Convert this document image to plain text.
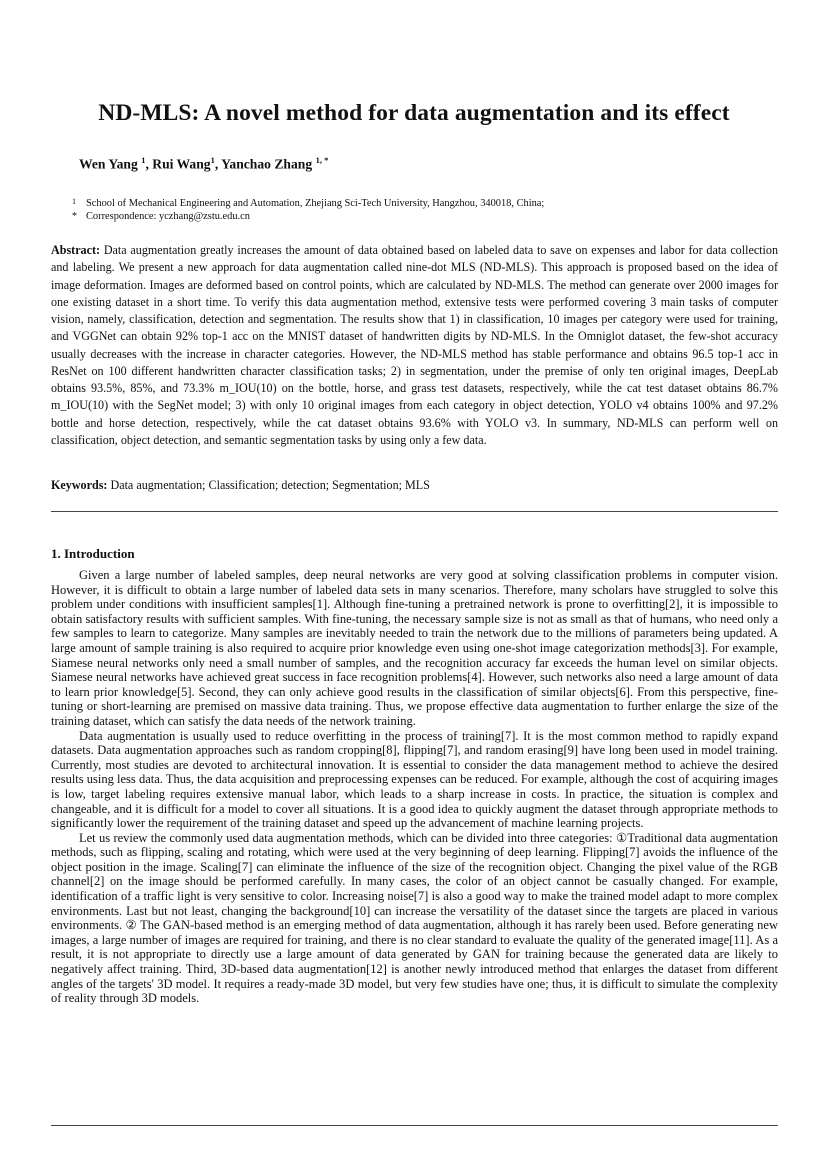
ND-MLS: A novel method for data augmentation and its effect
Wen Yang $^1$, Rui Wang$^1$, Yanchao Zhang $^{1, *}$
1 School of Mechanical Engineering and Automation, Zhejiang Sci-Tech University, Hangzhou, 340018, China;
* Correspondence: yczhang@zstu.edu.cn
Abstract: Data augmentation greatly increases the amount of data obtained based on labeled data to save on expenses and labor for data collection and labeling. We present a new approach for data augmentation called nine-dot MLS (ND-MLS). This approach is proposed based on the idea of image deformation. Images are deformed based on control points, which are calculated by ND-MLS. The method can generate over 2000 images for one existing dataset in a short time. To verify this data augmentation method, extensive tests were performed covering 3 main tasks of computer vision, namely, classification, detection and segmentation. The results show that 1) in classification, 10 images per category were used for training, and VGGNet can obtain 92% top-1 acc on the MNIST dataset of handwritten digits by ND-MLS. In the Omniglot dataset, the few-shot accuracy usually decreases with the increase in character categories. However, the ND-MLS method has stable performance and obtains 96.5 top-1 acc in ResNet on 100 different handwritten character classification tasks; 2) in segmentation, under the premise of only ten original images, DeepLab obtains 93.5%, 85%, and 73.3% m_IOU(10) on the bottle, horse, and grass test datasets, respectively, while the cat test dataset obtains 86.7% m_IOU(10) with the SegNet model; 3) with only 10 original images from each category in object detection, YOLO v4 obtains 100% and 97.2% bottle and horse detection, respectively, while the cat dataset obtains 93.6% with YOLO v3. In summary, ND-MLS can perform well on classification, object detection, and semantic segmentation tasks by using only a few data.
Keywords: Data augmentation; Classification; detection; Segmentation; MLS
1. Introduction

Given a large number of labeled samples, deep neural networks are very good at solving classification problems in computer vision. However, it is difficult to obtain a large number of labeled data sets in many scenarios. Therefore, many scholars have struggled to solve this problem under conditions with insufficient samples[1]. Although fine-tuning a pretrained network is prone to overfitting[2], it is impossible to obtain satisfactory results with sufficient samples. With fine-tuning, the necessary sample size is not as small as that of humans, who need only a few samples to learn to categorize. Many samples are inevitably needed to train the network due to the millions of parameters being updated. A large amount of sample training is also required to acquire prior knowledge even using one-shot image categorization methods[3]. For example, Siamese neural networks only need a small number of samples, and the recognition accuracy far exceeds the human level on similar objects. Siamese neural networks have achieved great success in face recognition problems[4]. However, such networks also need a large amount of data to learn prior knowledge[5]. Second, they can only achieve good results in the classification of similar objects[6]. From this perspective, fine-tuning or short-learning are premised on massive data training. Thus, we propose effective data augmentation to further enlarge the size of the training dataset, which can satisfy the data needs of the network training.

Data augmentation is usually used to reduce overfitting in the process of training[7]. It is the most common method to rapidly expand datasets. Data augmentation approaches such as random cropping[8], flipping[7], and random erasing[9] have long been used in model training. Currently, most studies are devoted to architectural innovation. It is essential to consider the data management method to achieve the desired results using less data. Thus, the data acquisition and preprocessing expenses can be reduced. For example, although the cost of acquiring images is low, target labeling requires extensive manual labor, which leads to a sharp increase in costs. In practice, the situation is complex and changeable, and it is difficult for a model to cover all situations. It is a good idea to quickly augment the dataset through appropriate methods to significantly lower the requirement of the training dataset and speed up the advancement of machine learning projects.

Let us review the commonly used data augmentation methods, which can be divided into three categories: ①Traditional data augmentation methods, such as flipping, scaling and rotating, which were used at the very beginning of deep learning. Flipping[7] avoids the influence of the object position in the image. Scaling[7] can eliminate the influence of the size of the recognition object. Changing the pixel value of the RGB channel[2] on the image should be performed carefully. In many cases, the color of an object cannot be casually changed. For example, identification of a traffic light is very sensitive to color. Increasing noise[7] is also a good way to make the trained model adapt to more complex environments. Last but not least, changing the background[10] can increase the versatility of the dataset since the targets are placed in various environments. ② The GAN-based method is an emerging method of data augmentation, although it has rarely been used. Before generating new images, a large number of images are required for training, and there is no clear standard to evaluate the quality of the generated image[11]. As a result, it is not appropriate to directly use a large amount of data generated by GAN for training because the generated data are likely to negatively affect training. Third, 3D-based data augmentation[12] is another newly introduced method that enlarges the dataset from different angles of the targets' 3D model. It requires a ready-made 3D model, but very few studies have one; thus, it is difficult to simulate the complexity of reality through 3D models.
